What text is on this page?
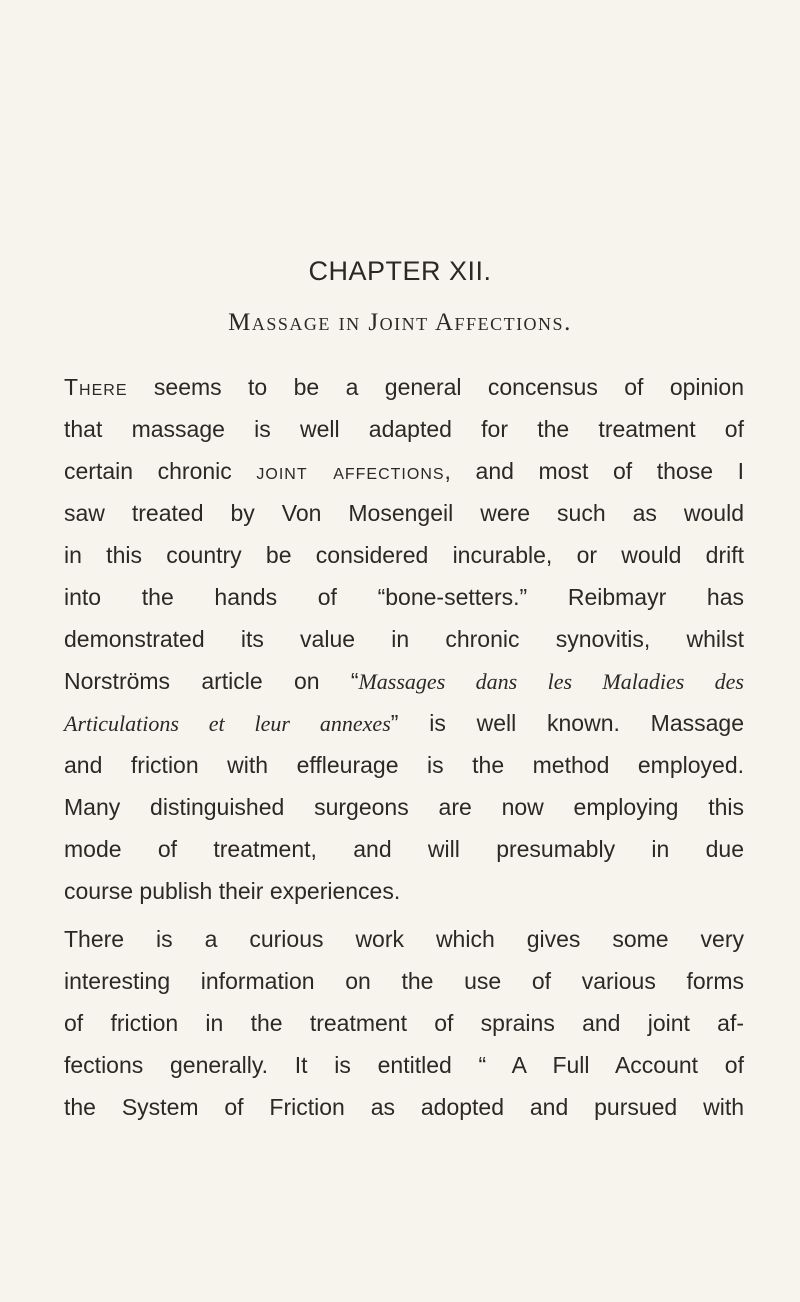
CHAPTER XII.
Massage in Joint Affections.
There seems to be a general concensus of opinion
that massage is well adapted for the treatment of
certain chronic joint affections, and most of those I
saw treated by Von Mosengeil were such as would
in this country be considered incurable, or would drift
into the hands of “bone-setters.” Reibmayr has
demonstrated its value in chronic synovitis, whilst
Norströms article on “Massages dans les Maladies des
Articulations et leur annexes” is well known. Massage
and friction with effleurage is the method employed.
Many distinguished surgeons are now employing this
mode of treatment, and will presumably in due
course publish their experiences.
There is a curious work which gives some very
interesting information on the use of various forms
of friction in the treatment of sprains and joint af-
fections generally. It is entitled “ A Full Account of
the System of Friction as adopted and pursued with
